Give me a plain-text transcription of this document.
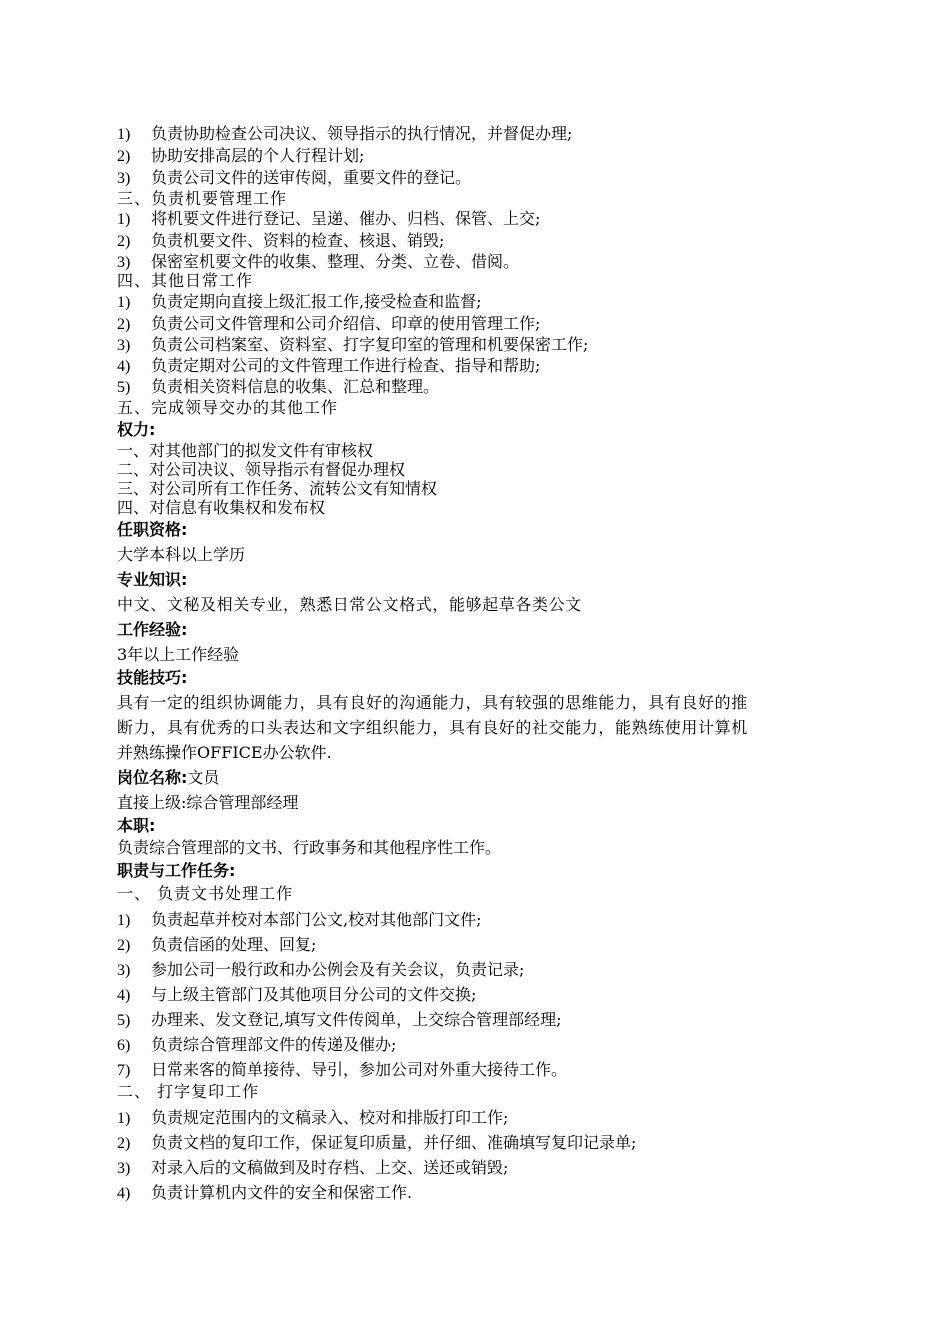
1) 负责协助检查公司决议、领导指示的执行情况，并督促办理;
2) 协助安排高层的个人行程计划;
3) 负责公司文件的送审传阅，重要文件的登记。
三、负责机要管理工作
1) 将机要文件进行登记、呈递、催办、归档、保管、上交;
2) 负责机要文件、资料的检查、核退、销毁;
3) 保密室机要文件的收集、整理、分类、立卷、借阅。
四、其他日常工作
1) 负责定期向直接上级汇报工作,接受检查和监督;
2) 负责公司文件管理和公司介绍信、印章的使用管理工作;
3) 负责公司档案室、资料室、打字复印室的管理和机要保密工作;
4) 负责定期对公司的文件管理工作进行检查、指导和帮助;
5) 负责相关资料信息的收集、汇总和整理。
五、完成领导交办的其他工作
权力:
一、对其他部门的拟发文件有审核权
二、对公司决议、领导指示有督促办理权
三、对公司所有工作任务、流转公文有知情权
四、对信息有收集权和发布权
任职资格:
大学本科以上学历
专业知识:
中文、文秘及相关专业，熟悉日常公文格式，能够起草各类公文
工作经验:
3年以上工作经验
技能技巧:
具有一定的组织协调能力，具有良好的沟通能力，具有较强的思维能力，具有良好的推
断力，具有优秀的口头表达和文字组织能力，具有良好的社交能力，能熟练使用计算机
并熟练操作OFFICE办公软件.
岗位名称:文员
直接上级:综合管理部经理
本职:
负责综合管理部的文书、行政事务和其他程序性工作。
职责与工作任务:
一、 负责文书处理工作
1) 负责起草并校对本部门公文,校对其他部门文件;
2) 负责信函的处理、回复;
3) 参加公司一般行政和办公例会及有关会议，负责记录;
4) 与上级主管部门及其他项目分公司的文件交换;
5) 办理来、发文登记,填写文件传阅单，上交综合管理部经理;
6) 负责综合管理部文件的传递及催办;
7) 日常来客的简单接待、导引，参加公司对外重大接待工作。
二、 打字复印工作
1) 负责规定范围内的文稿录入、校对和排版打印工作;
2) 负责文档的复印工作，保证复印质量，并仔细、准确填写复印记录单;
3) 对录入后的文稿做到及时存档、上交、送还或销毁;
4) 负责计算机内文件的安全和保密工作.
